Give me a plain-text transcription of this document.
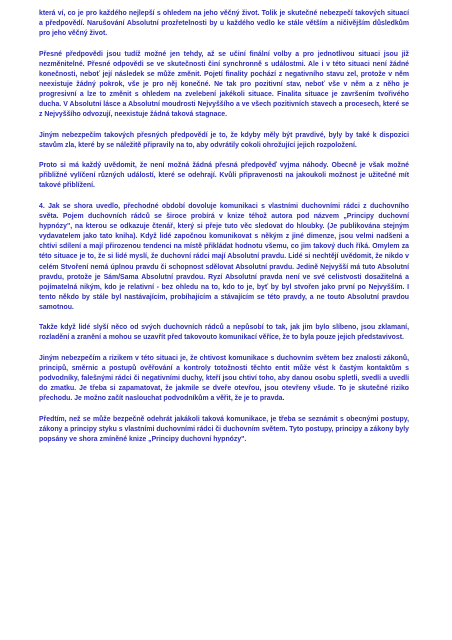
která ví, co je pro každého nejlepší s ohledem na jeho věčný život. Tolik je skutečné nebezpečí takových situací a předpovědí. Narušování Absolutní prozřetelnosti by u každého vedlo ke stále větším a ničivějším důsledkům pro jeho věčný život.

Přesné předpovědi jsou tudíž možné jen tehdy, až se učiní finální volby a pro jednotlivou situaci jsou již nezměnitelné. Přesné odpovědi se ve skutečnosti činí synchronně s událostmi. Ale i v této situaci není žádné konečnosti, neboť její následek se může změnit. Pojetí finality pochází z negativního stavu zel, protože v něm neexistuje žádný pokrok, vše je pro něj konečné. Ne tak pro pozitivní stav, neboť vše v něm a z něho je progresivní a lze to změnit s ohledem na zvelebení jakékoli situace. Finalita situace je završením tvořivého ducha. V Absolutní lásce a Absolutní moudrosti Nejvyššího a ve všech pozitivních stavech a procesech, které se z Nejvyššího odvozují, neexistuje žádná taková stagnace.

Jiným nebezpečím takových přesných předpovědí je to, že kdyby měly být pravdivé, byly by také k dispozici stavům zla, které by se náležitě připravily na to, aby odvrátily cokoli ohrožující jejich rozpoložení.

Proto si má každý uvědomit, že není možná žádná přesná předpověď vyjma náhody. Obecně je však možné přibližné vylíčení různých událostí, které se odehrají. Kvůli připravenosti na jakoukoli možnost je užitečné mít takové přiblížení.

4. Jak se shora uvedlo, přechodné období dovoluje komunikaci s vlastními duchovními rádci z duchovního světa. Pojem duchovních rádců se široce probírá v knize téhož autora pod názvem „Principy duchovní hypnózy", na kterou se odkazuje čtenář, který si přeje tuto věc sledovat do hloubky. (Je publikována stejným vydavatelem jako tato kniha). Když lidé započnou komunikovat s někým z jiné dimenze, jsou velmi nadšeni a chtívi sdílení a mají přirozenou tendenci na místě přikládat hodnotu všemu, co jim takový duch říká. Omylem za této situace je to, že si lidé myslí, že duchovní rádci mají Absolutní pravdu. Lidé si nechtějí uvědomit, že nikdo v celém Stvoření nemá úplnou pravdu či schopnost sdělovat Absolutní pravdu. Jedině Nejvyšší má tuto Absolutní pravdu, protože je Sám/Sama Absolutní pravdou. Ryzí Absolutní pravda není ve své celistvosti dosažitelná a pojímatelná nikým, kdo je relativní - bez ohledu na to, kdo to je, byť by byl stvořen jako první po Nejvyšším. I tento někdo by stále byl nastávajícím, probíhajícím a stávajícím se této pravdy, a ne touto Absolutní pravdou samotnou.

Takže když lidé slyší něco od svých duchovních rádců a nepůsobí to tak, jak jim bylo slíbeno, jsou zklamaní, rozladění a zranění a mohou se uzavřít před takovouto komunikací věříce, že to byla pouze jejich představivost.

Jiným nebezpečím a rizikem v této situaci je, že chtivost komunikace s duchovním světem bez znalosti zákonů, principů, směrnic a postupů ověřování a kontroly totožnosti těchto entit může vést k častým kontaktům s podvodníky, falešnými rádci či negativními duchy, kteří jsou chtiví toho, aby danou osobu spletli, svedli a uvedli do zmatku. Je třeba si zapamatovat, že jakmile se dveře otevřou, jsou otevřeny všude. To je skutečné riziko přechodu. Je možno začít naslouchat podvodníkům a věřit, že je to pravda.

Předtím, než se může bezpečně odehrát jakákoli taková komunikace, je třeba se seznámit s obecnými postupy, zákony a principy styku s vlastními duchovními rádci či duchovním světem. Tyto postupy, principy a zákony byly popsány ve shora zmíněné knize „Principy duchovní hypnózy".
